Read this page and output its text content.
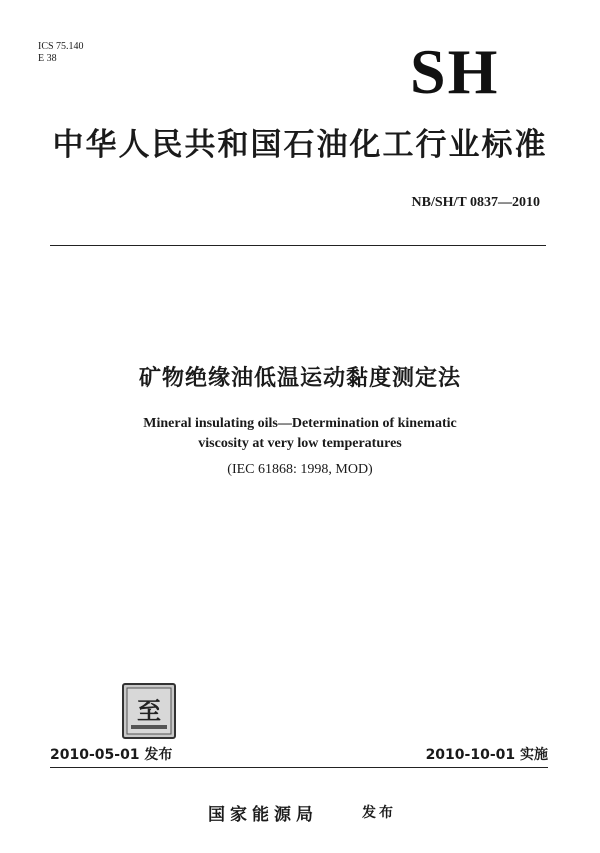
ICS 75.140
E 38	SH
中华人民共和国石油化工行业标准
NB/SH/T 0837—2010
矿物绝缘油低温运动黏度测定法
Mineral insulating oils—Determination of kinematic
viscosity at very low temperatures
(IEC 61868: 1998, MOD)
至
2010-05-01 发布	2010-10-01 实施
国家能源局	发布
